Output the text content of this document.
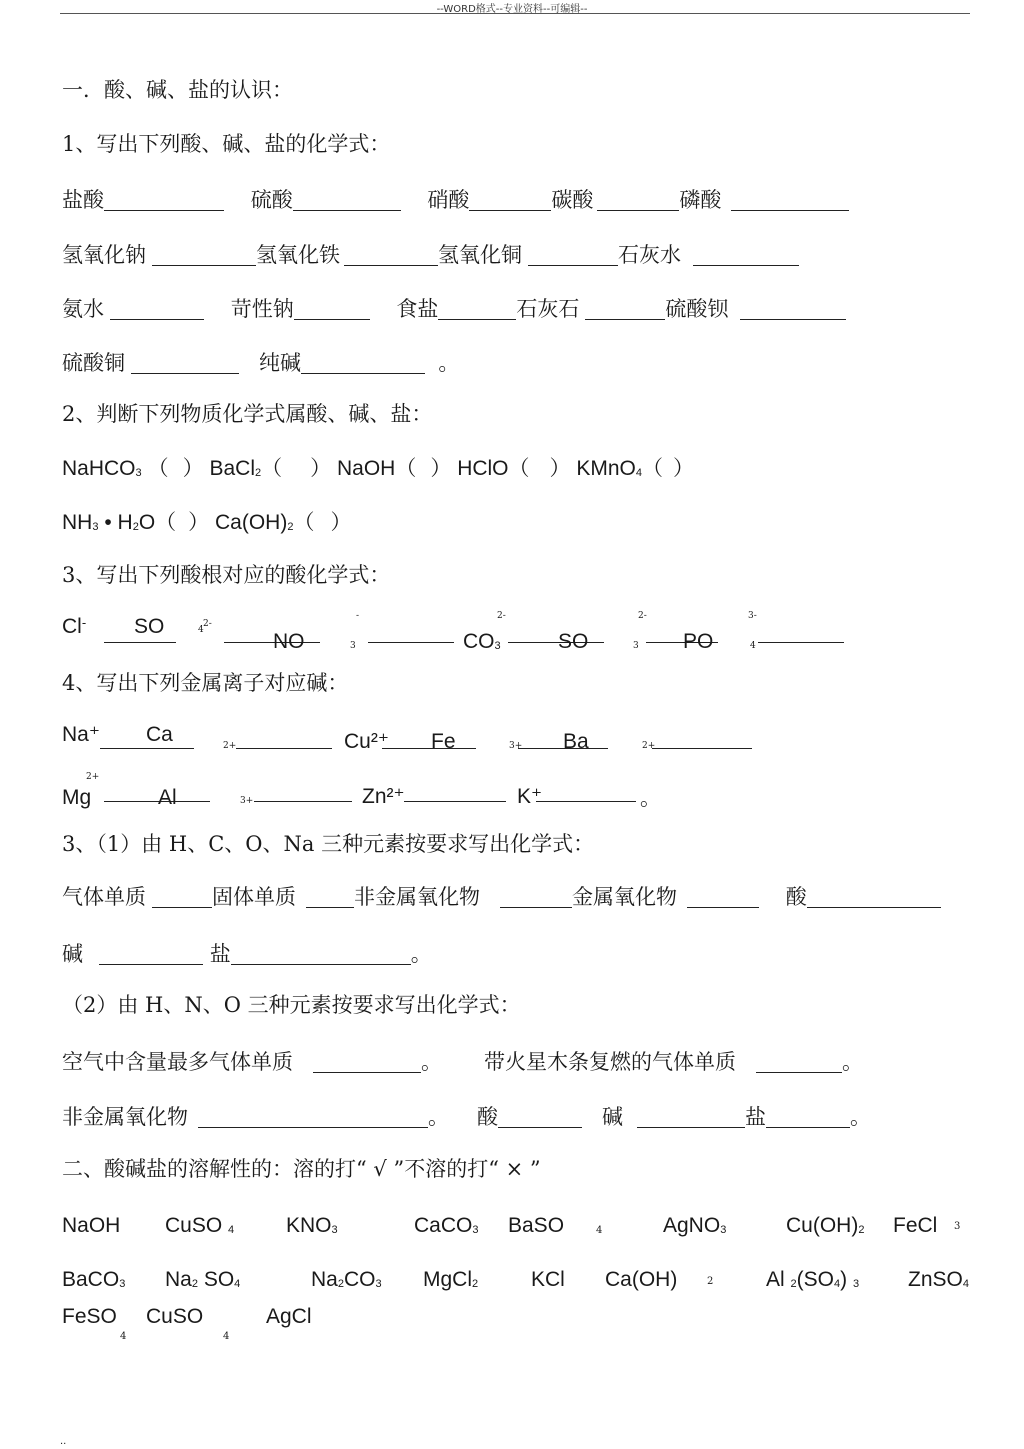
--WORD格式--专业资料--可编辑--
一．酸、碱、盐的认识：
1、写出下列酸、碱、盐的化学式：
盐酸	硫酸	硝酸	碳酸	磷酸
氢氧化钠	氢氧化铁	氢氧化铜	石灰水
氨水	苛性钠	食盐	石灰石	硫酸钡
硫酸铜	纯碱	。
2、判断下列物质化学式属酸、碱、盐：
NaHCO3 （ ） BaCl2（ ） NaOH（ ） HClO（ ） KMnO4（ ）
NH3 • H2O（ ） Ca(OH)2（ ）
3、写出下列酸根对应的酸化学式：
Cl- SO	4
2-
NO	3
-
CO3
2-
SO	3
2-
PO	4
3-
4、写出下列金属离子对应碱：
Na⁺ Ca	2+	Cu²⁺ Fe	3+ Ba	2+
2+
Mg	Al	3+	Zn²⁺	K⁺	。
3、（1）由 H、C、O、Na 三种元素按要求写出化学式：
气体单质	固体单质	非金属氧化物	金属氧化物	酸
碱	盐	。
（2）由 H、N、O 三种元素按要求写出化学式：
空气中含量最多气体单质	。 带火星木条复燃的气体单质	。
非金属氧化物	。 酸	碱	盐	。
二、酸碱盐的溶解性的：溶的打“ √ ”不溶的打“ × ”
NaOH CuSO 4 KNO3	CaCO3 BaSO	4	AgNO3	Cu(OH)2 FeCl 3
BaCO3 Na2 SO4	Na2CO3 MgCl2	KCl Ca(OH)	2	Al 2(SO4) 3 ZnSO4
FeSO
4
CuSO
4
AgCl
..
